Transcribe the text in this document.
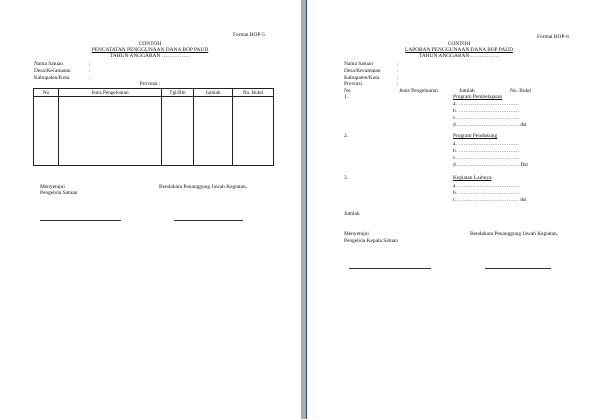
Format BOP-5
CONTOH
PENCATATAN PENGGUNAAN DANA BOP PAUD
TAHUN ANGGARAN …………….
Nama Satuan	:
Desa/Kecamatan	:
Kabupaten/Kota	:
Provinsi :
No	Jenis Pengeluaran	Tgl/Bln	Jumlah	No. Bukti

Menyetujui
Pengelola Satuan
Bendahara Penanggung Jawab Kegiatan,
Format BOP-6
CONTOH
LAPORAN PENGGUNAAN DANA BOP PAUD
TAHUN ANGGARAN …………….
Nama Satuan	:
Desa/Kecamatan	:
Kabupaten/Kota	:
Provinsi	:
No	Jenis Pengeluaran	Jumlah	No. Bukti
1.	Program Pembelajaran
a. …………………………….
b. …………………………….
c. …………………………….
d. ……………………………. dst
2.	Program Pendukung
a. …………………………….
b. …………………………….
c. …………………………….
d. ……………………………. Dst
3.	Kegiatan Lainnya
a. …………………………….
b. …………………………….
c. ……………………………. dst
Jumlah
Menyetujui
Pengelola Kepala Satuan
Bendahara Penanggung Jawab Kegiatan,
